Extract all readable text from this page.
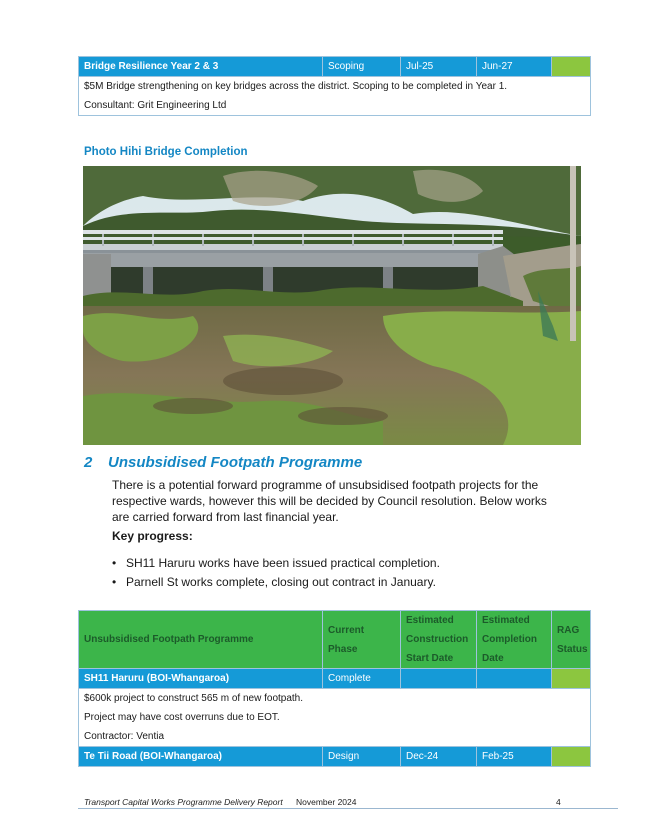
Bridge Resilience Year 2 & 3	Scoping	Jul-25	Jun-27	

$5M Bridge strengthening on key bridges across the district. Scoping to be completed in Year 1.
Consultant: Grit Engineering Ltd
Photo Hihi Bridge Completion
2 Unsubsidised Footpath Programme
There is a potential forward programme of unsubsidised footpath projects for the respective wards, however this will be decided by Council resolution. Below works are carried forward from last financial year.
Key progress:
• SH11 Haruru works have been issued practical completion.
• Parnell St works complete, closing out contract in January.
Unsubsidised Footpath Programme	Current Phase	Estimated Construction Start Date	Estimated Completion Date	RAG Status
SH11 Haruru (BOI-Whangaroa)	Complete			

$600k project to construct 565 m of new footpath.
Project may have cost overruns due to EOT.
Contractor: Ventia				

Te Tii Road (BOI-Whangaroa)	Design	Dec-24	Feb-25	
Transport Capital Works Programme Delivery Report November 2024	4
